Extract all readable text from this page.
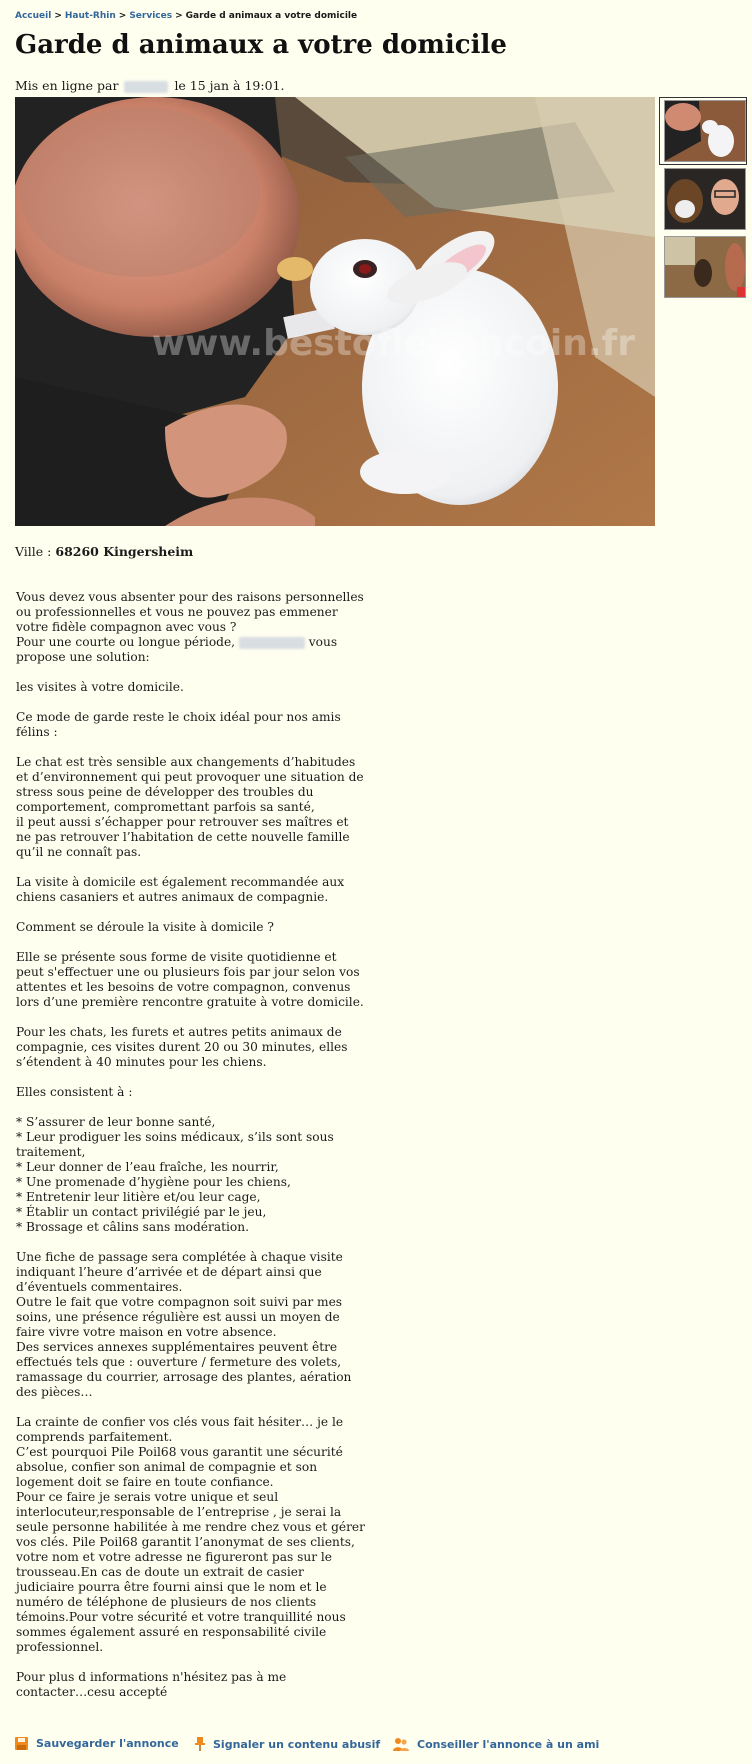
Accueil > Haut-Rhin > Services > Garde d animaux a votre domicile
Garde d animaux a votre domicile
Mis en ligne par	le 15 jan à 19:01.
www.bestofleboncoin.fr
Ville : 68260 Kingersheim
Vous devez vous absenter pour des raisons personnelles
ou professionnelles et vous ne pouvez pas emmener
votre fidèle compagnon avec vous ?
Pour une courte ou longue période,	vous
propose une solution:

les visites à votre domicile.

Ce mode de garde reste le choix idéal pour nos amis
félins :

Le chat est très sensible aux changements d’habitudes
et d’environnement qui peut provoquer une situation de
stress sous peine de développer des troubles du
comportement, compromettant parfois sa santé,
il peut aussi s’échapper pour retrouver ses maîtres et
ne pas retrouver l’habitation de cette nouvelle famille
qu’il ne connaît pas.

La visite à domicile est également recommandée aux
chiens casaniers et autres animaux de compagnie.

Comment se déroule la visite à domicile ?

Elle se présente sous forme de visite quotidienne et
peut s'effectuer une ou plusieurs fois par jour selon vos
attentes et les besoins de votre compagnon, convenus
lors d’une première rencontre gratuite à votre domicile.

Pour les chats, les furets et autres petits animaux de
compagnie, ces visites durent 20 ou 30 minutes, elles
s’étendent à 40 minutes pour les chiens.

Elles consistent à :

* S’assurer de leur bonne santé,
* Leur prodiguer les soins médicaux, s’ils sont sous
traitement,
* Leur donner de l’eau fraîche, les nourrir,
* Une promenade d’hygiène pour les chiens,
* Entretenir leur litière et/ou leur cage,
* Établir un contact privilégié par le jeu,
* Brossage et câlins sans modération.

Une fiche de passage sera complétée à chaque visite
indiquant l’heure d’arrivée et de départ ainsi que
d’éventuels commentaires.
Outre le fait que votre compagnon soit suivi par mes
soins, une présence régulière est aussi un moyen de
faire vivre votre maison en votre absence.
Des services annexes supplémentaires peuvent être
effectués tels que : ouverture / fermeture des volets,
ramassage du courrier, arrosage des plantes, aération
des pièces…

La crainte de confier vos clés vous fait hésiter… je le
comprends parfaitement.
C’est pourquoi Pile Poil68 vous garantit une sécurité
absolue, confier son animal de compagnie et son
logement doit se faire en toute confiance.
Pour ce faire je serais votre unique et seul
interlocuteur,responsable de l’entreprise , je serai la
seule personne habilitée à me rendre chez vous et gérer
vos clés. Pile Poil68 garantit l’anonymat de ses clients,
votre nom et votre adresse ne figureront pas sur le
trousseau.En cas de doute un extrait de casier
judiciaire pourra être fourni ainsi que le nom et le
numéro de téléphone de plusieurs de nos clients
témoins.Pour votre sécurité et votre tranquillité nous
sommes également assuré en responsabilité civile
professionnel.

Pour plus d informations n'hésitez pas à me
contacter…cesu accepté
Sauvegarder l'annonce	Signaler un contenu abusif	Conseiller l'annonce à un ami
